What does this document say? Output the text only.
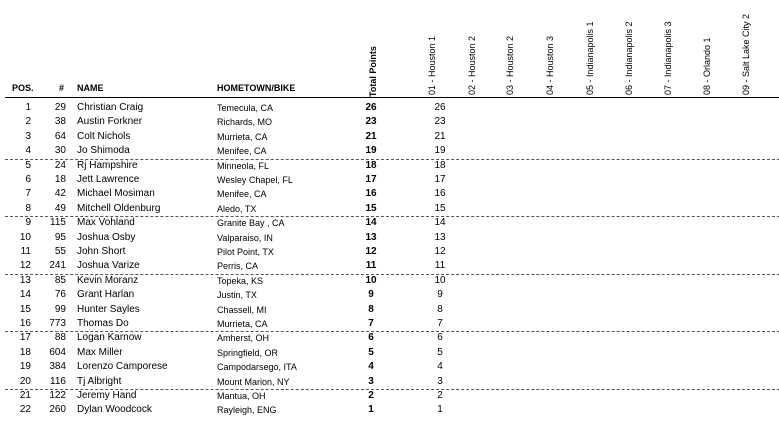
POS.	# NAME	HOMETOWN/BIKE	Total Points	01 - Houston 1	02 - Houston 2	03 - Houston 2	04 - Houston 3	05 - Indianapolis 1	06 - Indianapolis 2	07 - Indianapolis 3	08 - Orlando 1	09 - Salt Lake City 2
1	29 Christian Craig	Temecula, CA	26	26
2	38 Austin Forkner	Richards, MO	23	23
3	64 Colt Nichols	Murrieta, CA	21	21
4	30 Jo Shimoda	Menifee, CA	19	19
5	24 Rj Hampshire	Minneola, FL	18	18
6	18 Jett Lawrence	Wesley Chapel, FL	17	17
7	42 Michael Mosiman	Menifee, CA	16	16
8	49 Mitchell Oldenburg	Aledo, TX	15	15
9	115 Max Vohland	Granite Bay , CA	14	14
10	95 Joshua Osby	Valparaiso, IN	13	13
11	55 John Short	Pilot Point, TX	12	12
12	241 Joshua Varize	Perris, CA	11	11
13	85 Kevin Moranz	Topeka, KS	10	10
14	76 Grant Harlan	Justin, TX	9	9
15	99 Hunter Sayles	Chassell, MI	8	8
16	773 Thomas Do	Murrieta, CA	7	7
17	88 Logan Karnow	Amherst, OH	6	6
18	604 Max Miller	Springfield, OR	5	5
19	384 Lorenzo Camporese	Campodarsego, ITA	4	4
20	116 Tj Albright	Mount Marion, NY	3	3
21	122 Jeremy Hand	Mantua, OH	2	2
22	260 Dylan Woodcock	Rayleigh, ENG	1	1
